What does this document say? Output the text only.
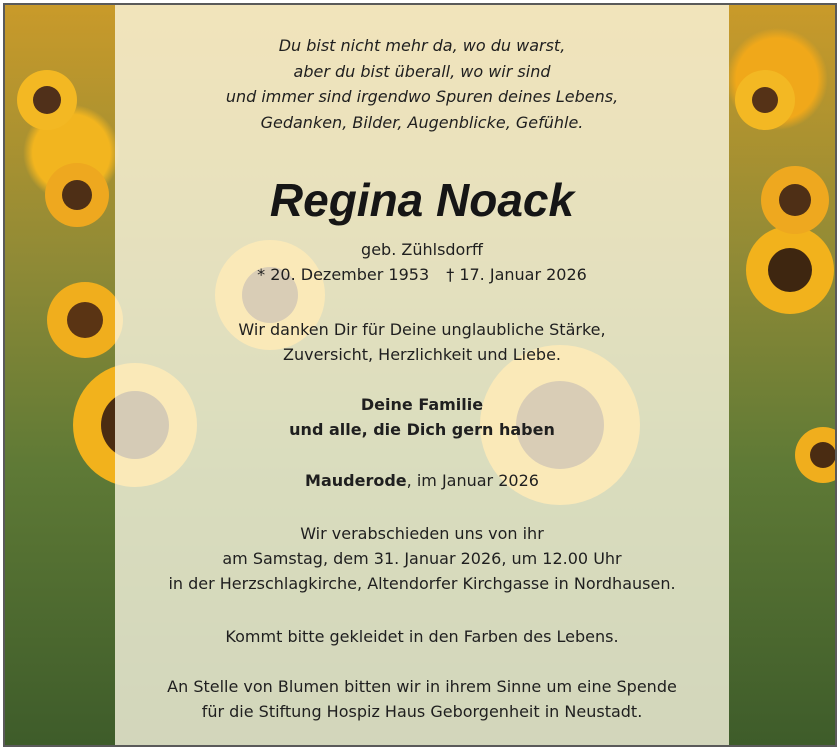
Du bist nicht mehr da, wo du warst,
aber du bist überall, wo wir sind
und immer sind irgendwo Spuren deines Lebens,
Gedanken, Bilder, Augenblicke, Gefühle.
Regina Noack
geb. Zühlsdorff
* 20. Dezember 1953 † 17. Januar 2026
Wir danken Dir für Deine unglaubliche Stärke,
Zuversicht, Herzlichkeit und Liebe.
Deine Familie
und alle, die Dich gern haben
Mauderode, im Januar 2026
Wir verabschieden uns von ihr
am Samstag, dem 31. Januar 2026, um 12.00 Uhr
in der Herzschlagkirche, Altendorfer Kirchgasse in Nordhausen.
Kommt bitte gekleidet in den Farben des Lebens.
An Stelle von Blumen bitten wir in ihrem Sinne um eine Spende
für die Stiftung Hospiz Haus Geborgenheit in Neustadt.
